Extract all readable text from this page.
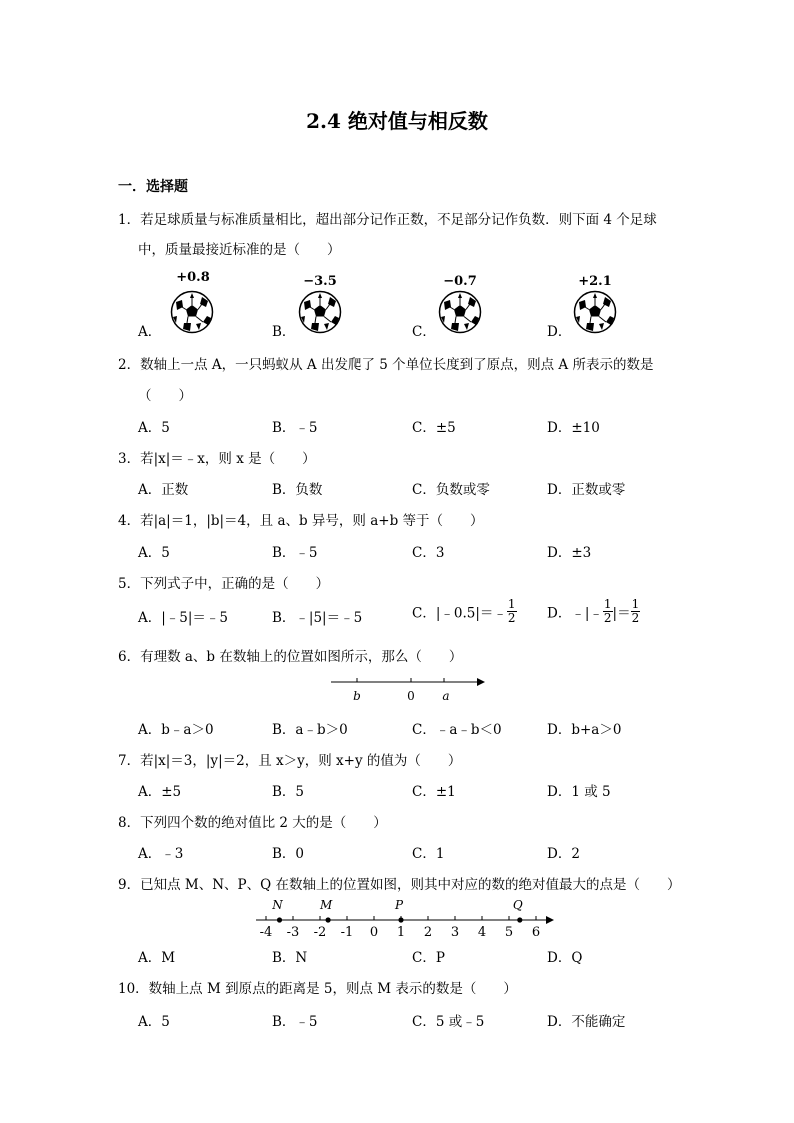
2.4 绝对值与相反数
一．选择题
1．若足球质量与标准质量相比，超出部分记作正数，不足部分记作负数．则下面 4 个足球
中，质量最接近标准的是（　　）
+0.8
A．
−3.5
B．
−0.7
C．
+2.1
D．
2．数轴上一点 A，一只蚂蚁从 A 出发爬了 5 个单位长度到了原点，则点 A 所表示的数是
（　　）
A．5	B．﹣5	C．±5	D．±10
3．若|x|＝﹣x，则 x 是（　　）
A．正数	B．负数	C．负数或零	D．正数或零
4．若|a|＝1，|b|＝4，且 a、b 异号，则 a+b 等于（　　）
A．5	B．﹣5	C．3	D．±3
5．下列式子中，正确的是（　　）
A．|﹣5|＝﹣5	B．﹣|5|＝﹣5	C．|﹣0.5|＝﹣ $\frac{1}{2}$ D．﹣|﹣ $\frac{1}{2}$ |＝ $\frac{1}{2}$
6．有理数 a、b 在数轴上的位置如图所示，那么（　　）
b	0 a
A．b﹣a＞0	B．a﹣b＞0	C．﹣a﹣b＜0	D．b+a＞0
7．若|x|＝3，|y|＝2，且 x＞y，则 x+y 的值为（　　）
A．±5	B．5	C．±1	D．1 或 5
8．下列四个数的绝对值比 2 大的是（　　）
A．﹣3	B．0	C．1	D．2
9．已知点 M、N、P、Q 在数轴上的位置如图，则其中对应的数的绝对值最大的点是（　　）
-4 -3 -2 -1 0 1 2 3 4 5 6
N	M	P	Q
A．M	B．N	C．P	D．Q
10．数轴上点 M 到原点的距离是 5，则点 M 表示的数是（　　）
A．5	B．﹣5	C．5 或﹣5	D．不能确定
